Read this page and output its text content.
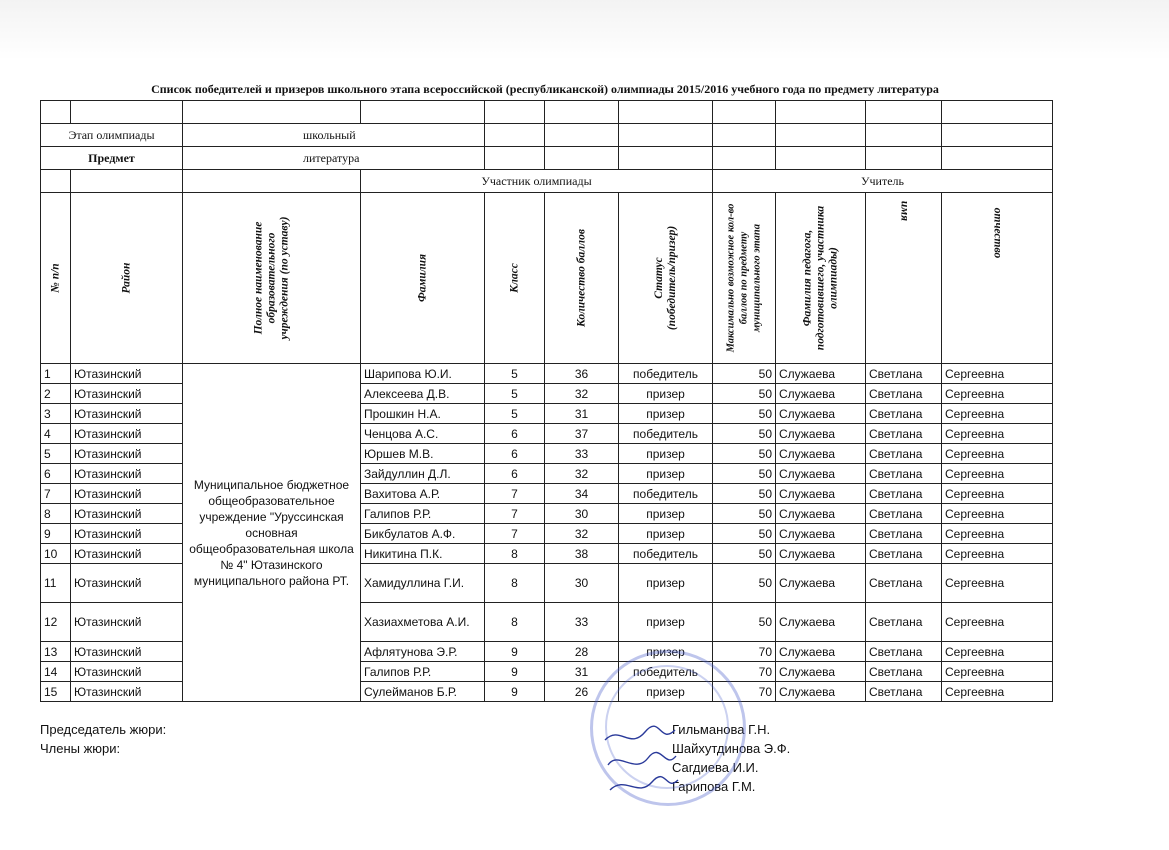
Список победителей и призеров школьного этапа всероссийской (республиканской) олимпиады 2015/2016 учебного года по предмету литература

Этап олимпиады		школьный								
Предмет		литература								
			Участник олимпиады				Учитель			

№ п/п	Район	Полное наименование образовательного учреждения (по уставу)	Фамилия	Класс	Количество баллов	Статус (победитель/призер)	Максимально возможное кол-во баллов по предмету муниципального этапа	Фамилия педагога, подготовившего, участника олимпиады)	имя	отчество

1	Ютазинский	Муниципальное бюджетное общеобразовательное учреждение "Уруссинская основная общеобразовательная школа № 4" Ютазинского муниципального района РТ.	Шарипова Ю.И.	5	36	победитель	50	Служаева	Светлана	Сергеевна
2	Ютазинский		Алексеева Д.В.	5	32	призер	50	Служаева	Светлана	Сергеевна
3	Ютазинский		Прошкин Н.А.	5	31	призер	50	Служаева	Светлана	Сергеевна
4	Ютазинский		Ченцова А.С.	6	37	победитель	50	Служаева	Светлана	Сергеевна
5	Ютазинский		Юршев М.В.	6	33	призер	50	Служаева	Светлана	Сергеевна
6	Ютазинский		Зайдуллин Д.Л.	6	32	призер	50	Служаева	Светлана	Сергеевна
7	Ютазинский		Вахитова А.Р.	7	34	победитель	50	Служаева	Светлана	Сергеевна
8	Ютазинский		Галипов Р.Р.	7	30	призер	50	Служаева	Светлана	Сергеевна
9	Ютазинский		Бикбулатов А.Ф.	7	32	призер	50	Служаева	Светлана	Сергеевна
10	Ютазинский		Никитина П.К.	8	38	победитель	50	Служаева	Светлана	Сергеевна
11	Ютазинский		Хамидуллина Г.И.	8	30	призер	50	Служаева	Светлана	Сергеевна
12	Ютазинский		Хазиахметова А.И.	8	33	призер	50	Служаева	Светлана	Сергеевна
13	Ютазинский		Афлятунова Э.Р.	9	28	призер	70	Служаева	Светлана	Сергеевна
14	Ютазинский		Галипов Р.Р.	9	31	победитель	70	Служаева	Светлана	Сергеевна
15	Ютазинский		Сулейманов Б.Р.	9	26	призер	70	Служаева	Светлана	Сергеевна
Председатель жюри:
Члены жюри:
Гильманова Г.Н.
Шайхутдинова Э.Ф.
Сагдиева И.И.
Гарипова Г.М.
